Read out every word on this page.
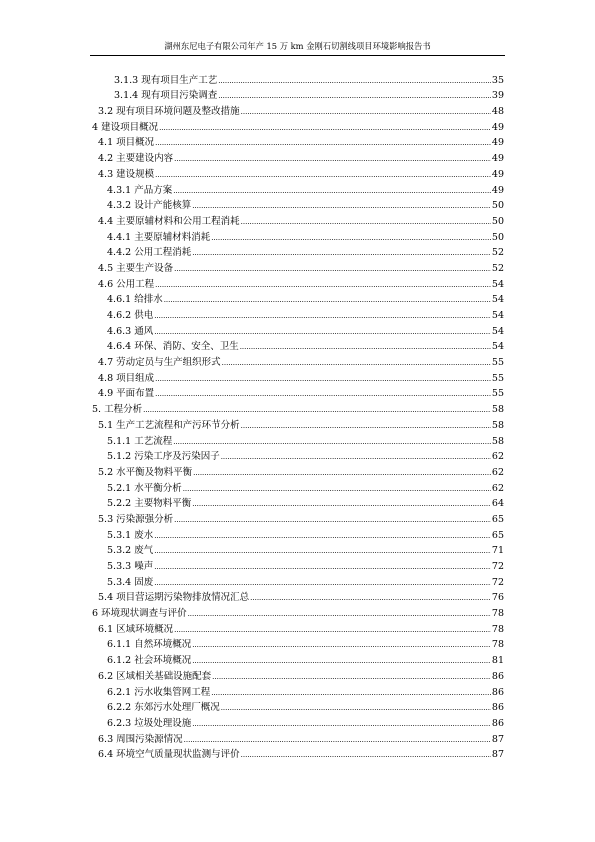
湖州东尼电子有限公司年产 15 万 km 金刚石切割线项目环境影响报告书
3.1.3 现有项目生产工艺 .....	35
3.1.4 现有项目污染调查 .....	39
3.2 现有项目环境问题及整改措施 .....	48
4 建设项目概况 .....	49
4.1 项目概况 .....	49
4.2 主要建设内容 .....	49
4.3 建设规模 .....	49
4.3.1 产品方案 .....	49
4.3.2 设计产能核算 .....	50
4.4 主要原辅材料和公用工程消耗 .....	50
4.4.1 主要原辅材料消耗 .....	50
4.4.2 公用工程消耗 .....	52
4.5 主要生产设备 .....	52
4.6 公用工程 .....	54
4.6.1 给排水 .....	54
4.6.2 供电 .....	54
4.6.3 通风 .....	54
4.6.4 环保、消防、安全、卫生 .....	54
4.7 劳动定员与生产组织形式 .....	55
4.8 项目组成 .....	55
4.9 平面布置 .....	55
5. 工程分析 .....	58
5.1 生产工艺流程和产污环节分析 .....	58
5.1.1 工艺流程 .....	58
5.1.2 污染工序及污染因子 .....	62
5.2 水平衡及物料平衡 .....	62
5.2.1 水平衡分析 .....	62
5.2.2 主要物料平衡 .....	64
5.3 污染源强分析 .....	65
5.3.1 废水 .....	65
5.3.2 废气 .....	71
5.3.3 噪声 .....	72
5.3.4 固废 .....	72
5.4 项目营运期污染物排放情况汇总 .....	76
6 环境现状调查与评价 .....	78
6.1 区域环境概况 .....	78
6.1.1 自然环境概况 .....	78
6.1.2 社会环境概况 .....	81
6.2 区域相关基础设施配套 .....	86
6.2.1 污水收集管网工程 .....	86
6.2.2 东郊污水处理厂概况 .....	86
6.2.3 垃圾处理设施 .....	86
6.3 周围污染源情况 .....	87
6.4 环境空气质量现状监测与评价 .....	87
